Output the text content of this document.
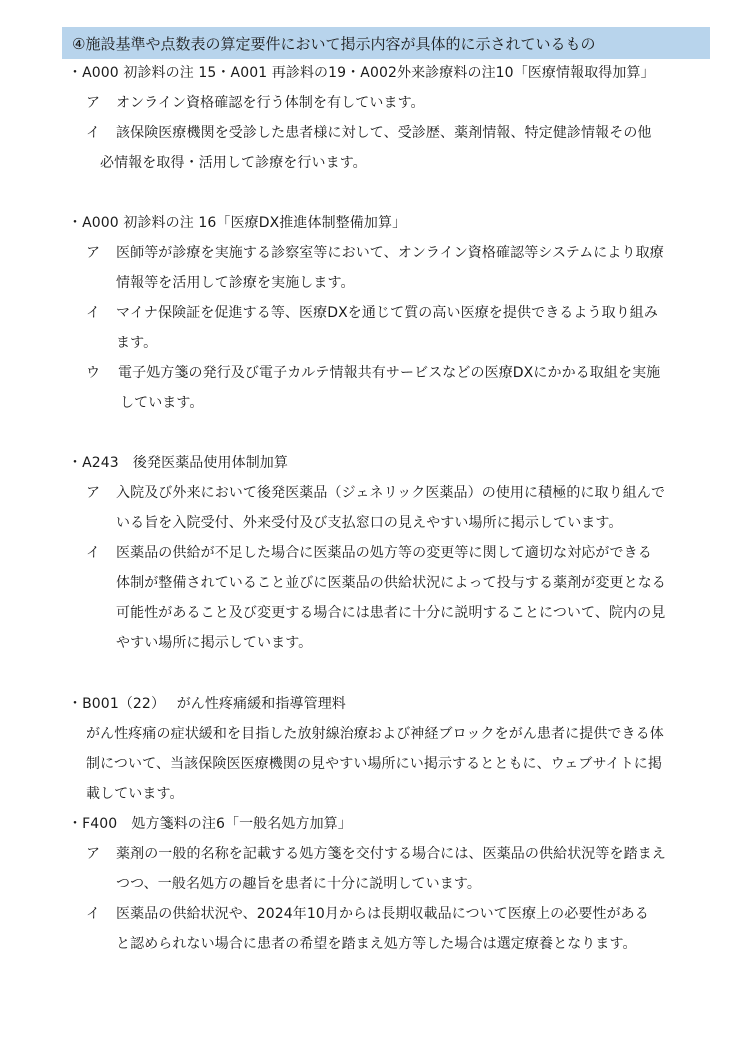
④施設基準や点数表の算定要件において掲示内容が具体的に示されているもの
・A000 初診料の注 15・A001 再診料の19・A002外来診療料の注10「医療情報取得加算」
ア オンライン資格確認を行う体制を有しています。
イ 該保険医療機関を受診した患者様に対して、受診歴、薬剤情報、特定健診情報その他
必情報を取得・活用して診療を行います。
・A000 初診料の注 16「医療DX推進体制整備加算」
ア 医師等が診療を実施する診察室等において、オンライン資格確認等システムにより取療
情報等を活用して診療を実施します。
イ マイナ保険証を促進する等、医療DXを通じて質の高い医療を提供できるよう取り組み
ます。
ウ 電子処方箋の発行及び電子カルテ情報共有サービスなどの医療DXにかかる取組を実施
しています。
・A243　後発医薬品使用体制加算
ア 入院及び外来において後発医薬品（ジェネリック医薬品）の使用に積極的に取り組んで
いる旨を入院受付、外来受付及び支払窓口の見えやすい場所に掲示しています。
イ 医薬品の供給が不足した場合に医薬品の処方等の変更等に関して適切な対応ができる
体制が整備されていること並びに医薬品の供給状況によって投与する薬剤が変更となる
可能性があること及び変更する場合には患者に十分に説明することについて、院内の見
やすい場所に掲示しています。
・B001（22）　 がん性疼痛緩和指導管理料
がん性疼痛の症状緩和を目指した放射線治療および神経ブロックをがん患者に提供できる体
制について、当該保険医医療機関の見やすい場所にい掲示するとともに、ウェブサイトに掲
載しています。
・F400　処方箋料の注6「一般名処方加算」
ア 薬剤の一般的名称を記載する処方箋を交付する場合には、医薬品の供給状況等を踏まえ
つつ、一般名処方の趣旨を患者に十分に説明しています。
イ 医薬品の供給状況や、2024年10月からは長期収載品について医療上の必要性がある
と認められない場合に患者の希望を踏まえ処方等した場合は選定療養となります。
